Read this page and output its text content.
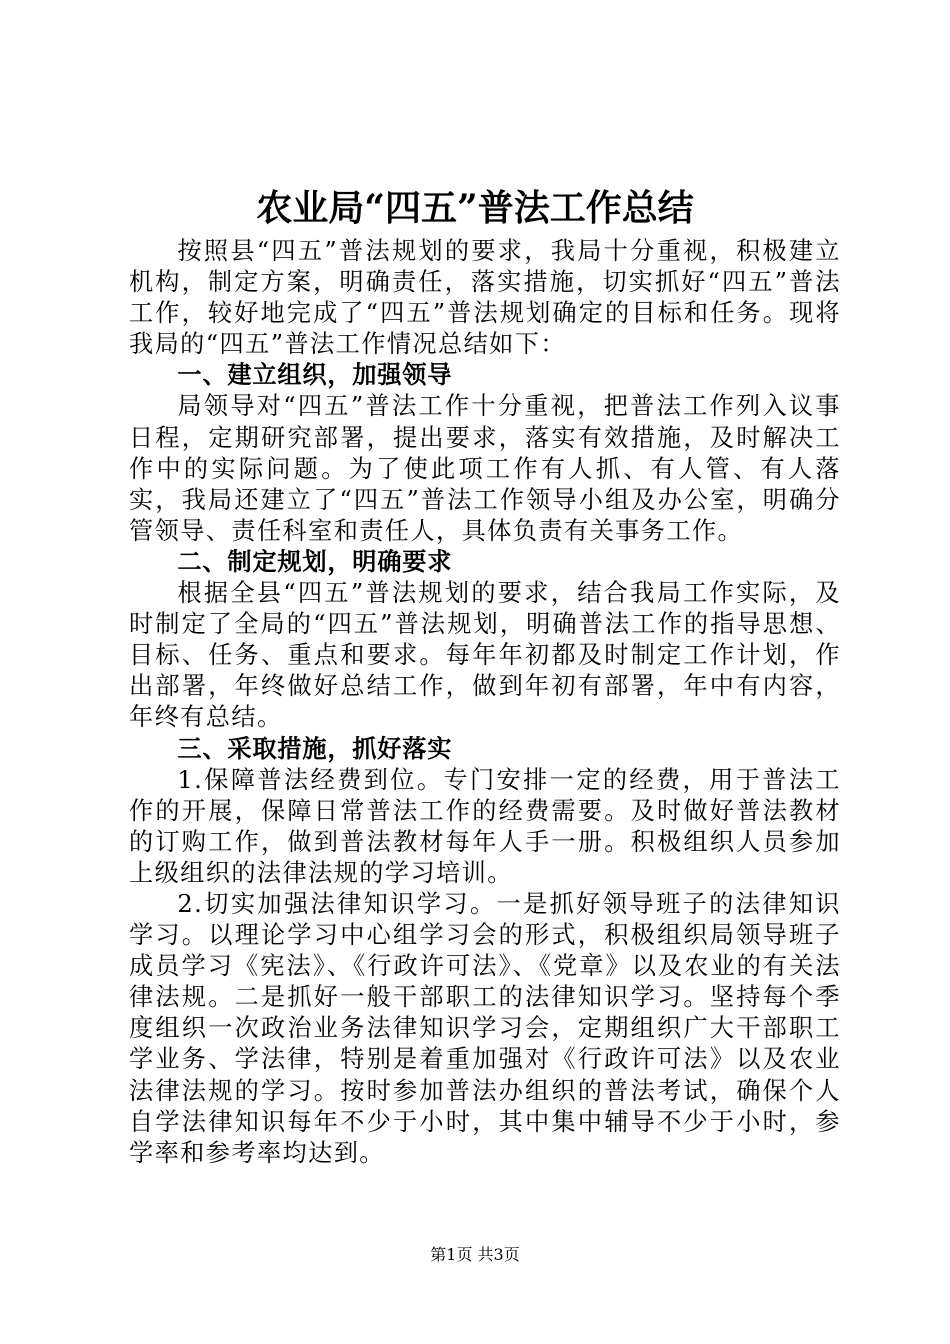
农业局“四五”普法工作总结

按照县“四五”普法规划的要求，我局十分重视，积极建立机构，制定方案，明确责任，落实措施，切实抓好“四五”普法工作，较好地完成了“四五”普法规划确定的目标和任务。现将我局的“四五”普法工作情况总结如下：

一、建立组织，加强领导

局领导对“四五”普法工作十分重视，把普法工作列入议事日程，定期研究部署，提出要求，落实有效措施，及时解决工作中的实际问题。为了使此项工作有人抓、有人管、有人落实，我局还建立了“四五”普法工作领导小组及办公室，明确分管领导、责任科室和责任人，具体负责有关事务工作。

二、制定规划，明确要求

根据全县“四五”普法规划的要求，结合我局工作实际，及时制定了全局的“四五”普法规划，明确普法工作的指导思想、目标、任务、重点和要求。每年年初都及时制定工作计划，作出部署，年终做好总结工作，做到年初有部署，年中有内容，年终有总结。

三、采取措施，抓好落实

1.保障普法经费到位。专门安排一定的经费，用于普法工作的开展，保障日常普法工作的经费需要。及时做好普法教材的订购工作，做到普法教材每年人手一册。积极组织人员参加上级组织的法律法规的学习培训。

2.切实加强法律知识学习。一是抓好领导班子的法律知识学习。以理论学习中心组学习会的形式，积极组织局领导班子成员学习《宪法》、《行政许可法》、《党章》以及农业的有关法律法规。二是抓好一般干部职工的法律知识学习。坚持每个季度组织一次政治业务法律知识学习会，定期组织广大干部职工学业务、学法律，特别是着重加强对《行政许可法》以及农业法律法规的学习。按时参加普法办组织的普法考试，确保个人自学法律知识每年不少于小时，其中集中辅导不少于小时，参学率和参考率均达到。

第1页 共3页
